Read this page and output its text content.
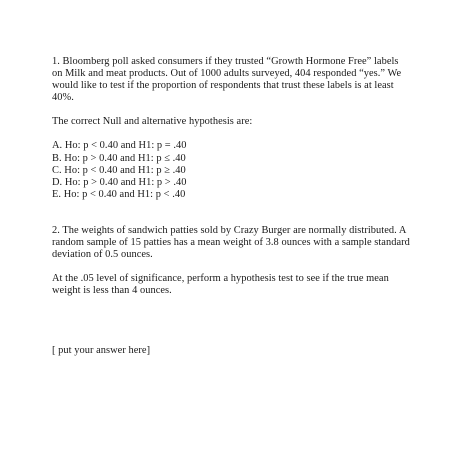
1. Bloomberg poll asked consumers if they trusted “Growth Hormone Free” labels on Milk and meat products. Out of 1000 adults surveyed, 404 responded “yes.” We would like to test if the proportion of respondents that trust these labels is at least 40%.

The correct Null and alternative hypothesis are:

A. Ho: p < 0.40 and H1: p = .40
B. Ho: p > 0.40 and H1: p ≤ .40
C. Ho: p < 0.40 and H1: p ≥ .40
D. Ho: p > 0.40 and H1: p > .40
E. Ho: p < 0.40 and H1: p < .40

2. The weights of sandwich patties sold by Crazy Burger are normally distributed. A random sample of 15 patties has a mean weight of 3.8 ounces with a sample standard deviation of 0.5 ounces.

At the .05 level of significance, perform a hypothesis test to see if the true mean weight is less than 4 ounces.

[ put your answer here]
